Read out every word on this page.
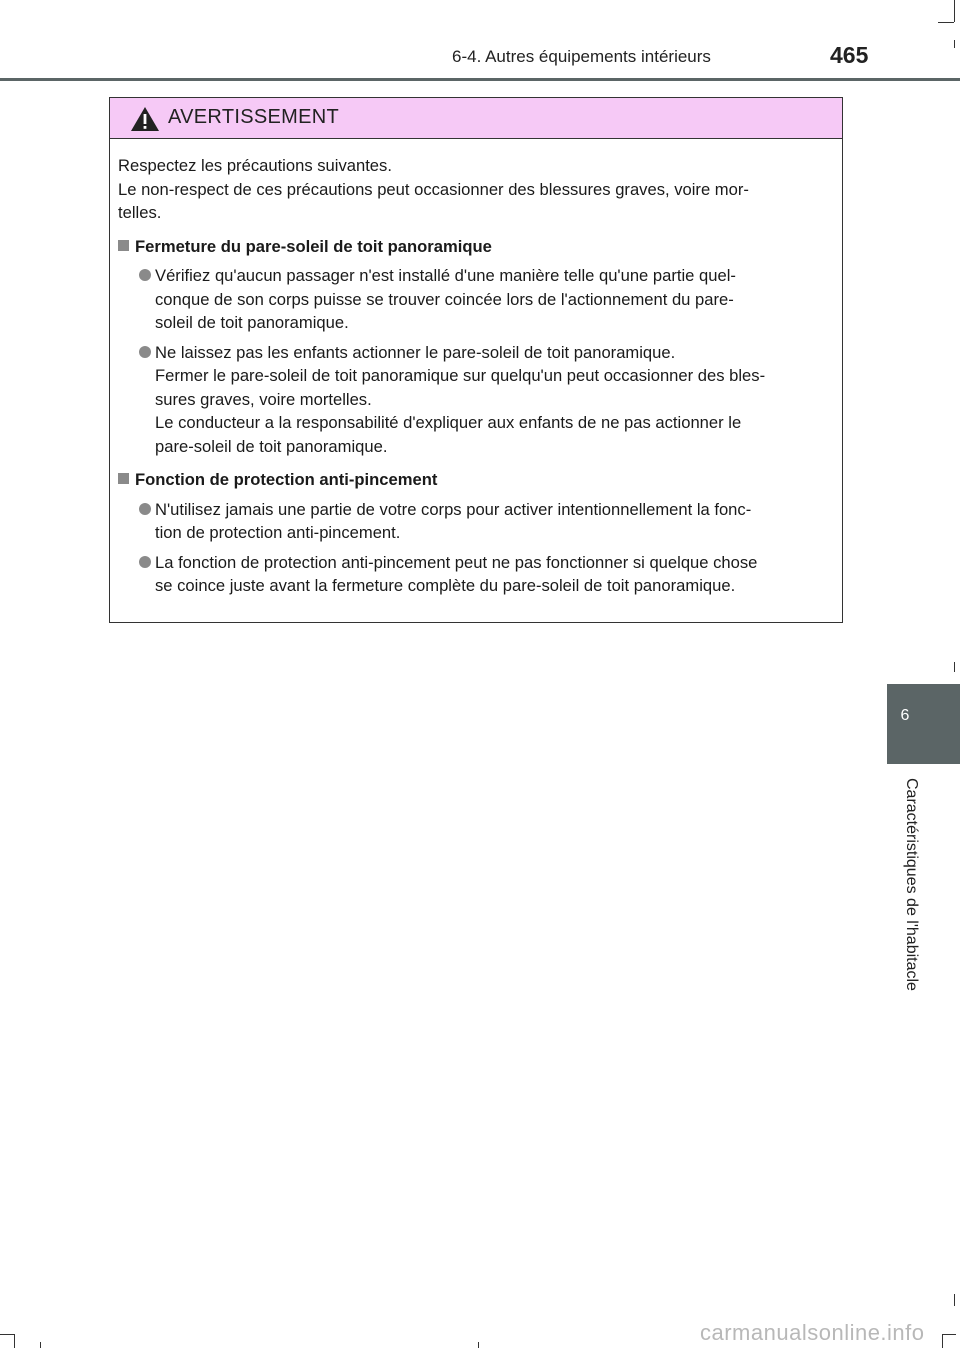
6-4. Autres équipements intérieurs	465
AVERTISSEMENT

Respectez les précautions suivantes.
Le non-respect de ces précautions peut occasionner des blessures graves, voire mor-
telles.

Fermeture du pare-soleil de toit panoramique

Vérifiez qu'aucun passager n'est installé d'une manière telle qu'une partie quel-
conque de son corps puisse se trouver coincée lors de l'actionnement du pare-
soleil de toit panoramique.

Ne laissez pas les enfants actionner le pare-soleil de toit panoramique.
Fermer le pare-soleil de toit panoramique sur quelqu'un peut occasionner des bles-
sures graves, voire mortelles.
Le conducteur a la responsabilité d'expliquer aux enfants de ne pas actionner le
pare-soleil de toit panoramique.

Fonction de protection anti-pincement

N'utilisez jamais une partie de votre corps pour activer intentionnellement la fonc-
tion de protection anti-pincement.

La fonction de protection anti-pincement peut ne pas fonctionner si quelque chose
se coince juste avant la fermeture complète du pare-soleil de toit panoramique.

6
Caractéristiques de l'habitacle
carmanualsonline.info
